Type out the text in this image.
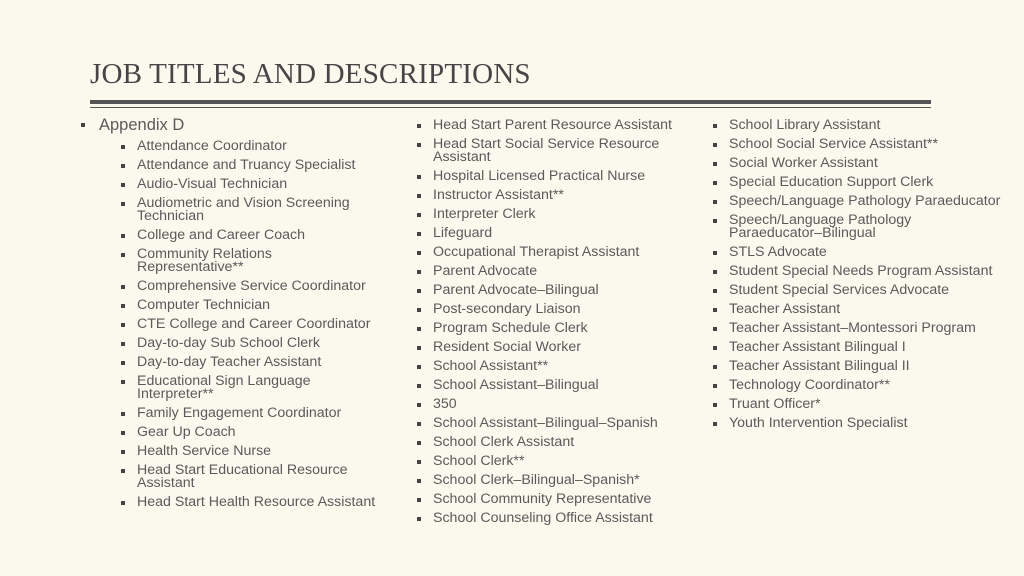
JOB TITLES AND DESCRIPTIONS
Appendix D
Attendance Coordinator
Attendance and Truancy Specialist
Audio-Visual Technician
Audiometric and Vision Screening Technician
College and Career Coach
Community Relations Representative**
Comprehensive Service Coordinator
Computer Technician
CTE College and Career Coordinator
Day-to-day Sub School Clerk
Day-to-day Teacher Assistant
Educational Sign Language Interpreter**
Family Engagement Coordinator
Gear Up Coach
Health Service Nurse
Head Start Educational Resource Assistant
Head Start Health Resource Assistant
Head Start Parent Resource Assistant
Head Start Social Service Resource Assistant
Hospital Licensed Practical Nurse
Instructor Assistant**
Interpreter Clerk
Lifeguard
Occupational Therapist Assistant
Parent Advocate
Parent Advocate–Bilingual
Post-secondary Liaison
Program Schedule Clerk
Resident Social Worker
School Assistant**
School Assistant–Bilingual
350
School Assistant–Bilingual–Spanish
School Clerk Assistant
School Clerk**
School Clerk–Bilingual–Spanish*
School Community Representative
School Counseling Office Assistant
School Library Assistant
School Social Service Assistant**
Social Worker Assistant
Special Education Support Clerk
Speech/Language Pathology Paraeducator
Speech/Language Pathology Paraeducator–Bilingual
STLS Advocate
Student Special Needs Program Assistant
Student Special Services Advocate
Teacher Assistant
Teacher Assistant–Montessori Program
Teacher Assistant Bilingual I
Teacher Assistant Bilingual II
Technology Coordinator**
Truant Officer*
Youth Intervention Specialist
